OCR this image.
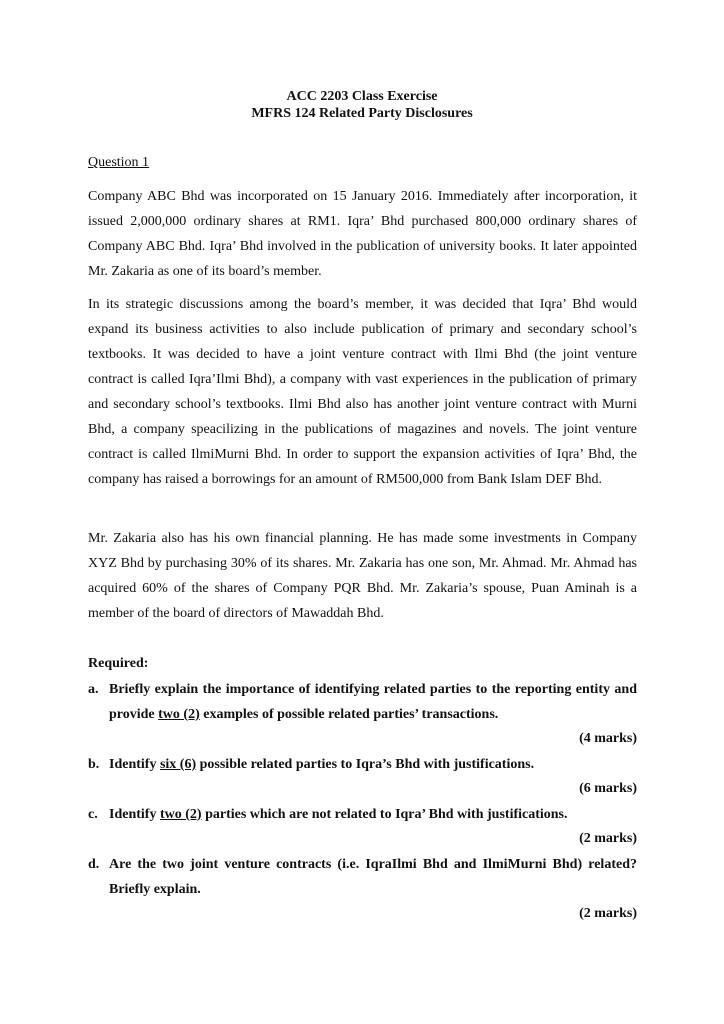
ACC 2203 Class Exercise
MFRS 124 Related Party Disclosures
Question 1
Company ABC Bhd was incorporated on 15 January 2016. Immediately after incorporation, it issued 2,000,000 ordinary shares at RM1. Iqra’ Bhd purchased 800,000 ordinary shares of Company ABC Bhd. Iqra’ Bhd involved in the publication of university books. It later appointed Mr. Zakaria as one of its board’s member.
In its strategic discussions among the board’s member, it was decided that Iqra’ Bhd would expand its business activities to also include publication of primary and secondary school’s textbooks. It was decided to have a joint venture contract with Ilmi Bhd (the joint venture contract is called Iqra’Ilmi Bhd), a company with vast experiences in the publication of primary and secondary school’s textbooks. Ilmi Bhd also has another joint venture contract with Murni Bhd, a company speacilizing in the publications of magazines and novels. The joint venture contract is called IlmiMurni Bhd. In order to support the expansion activities of Iqra’ Bhd, the company has raised a borrowings for an amount of RM500,000 from Bank Islam DEF Bhd.
Mr. Zakaria also has his own financial planning. He has made some investments in Company XYZ Bhd by purchasing 30% of its shares. Mr. Zakaria has one son, Mr. Ahmad. Mr. Ahmad has acquired 60% of the shares of Company PQR Bhd. Mr. Zakaria’s spouse, Puan Aminah is a member of the board of directors of Mawaddah Bhd.
Required:
a. Briefly explain the importance of identifying related parties to the reporting entity and provide two (2) examples of possible related parties’ transactions.
(4 marks)
b. Identify six (6) possible related parties to Iqra’s Bhd with justifications.
(6 marks)
c. Identify two (2) parties which are not related to Iqra’ Bhd with justifications.
(2 marks)
d. Are the two joint venture contracts (i.e. IqraIlmi Bhd and IlmiMurni Bhd) related? Briefly explain.
(2 marks)
